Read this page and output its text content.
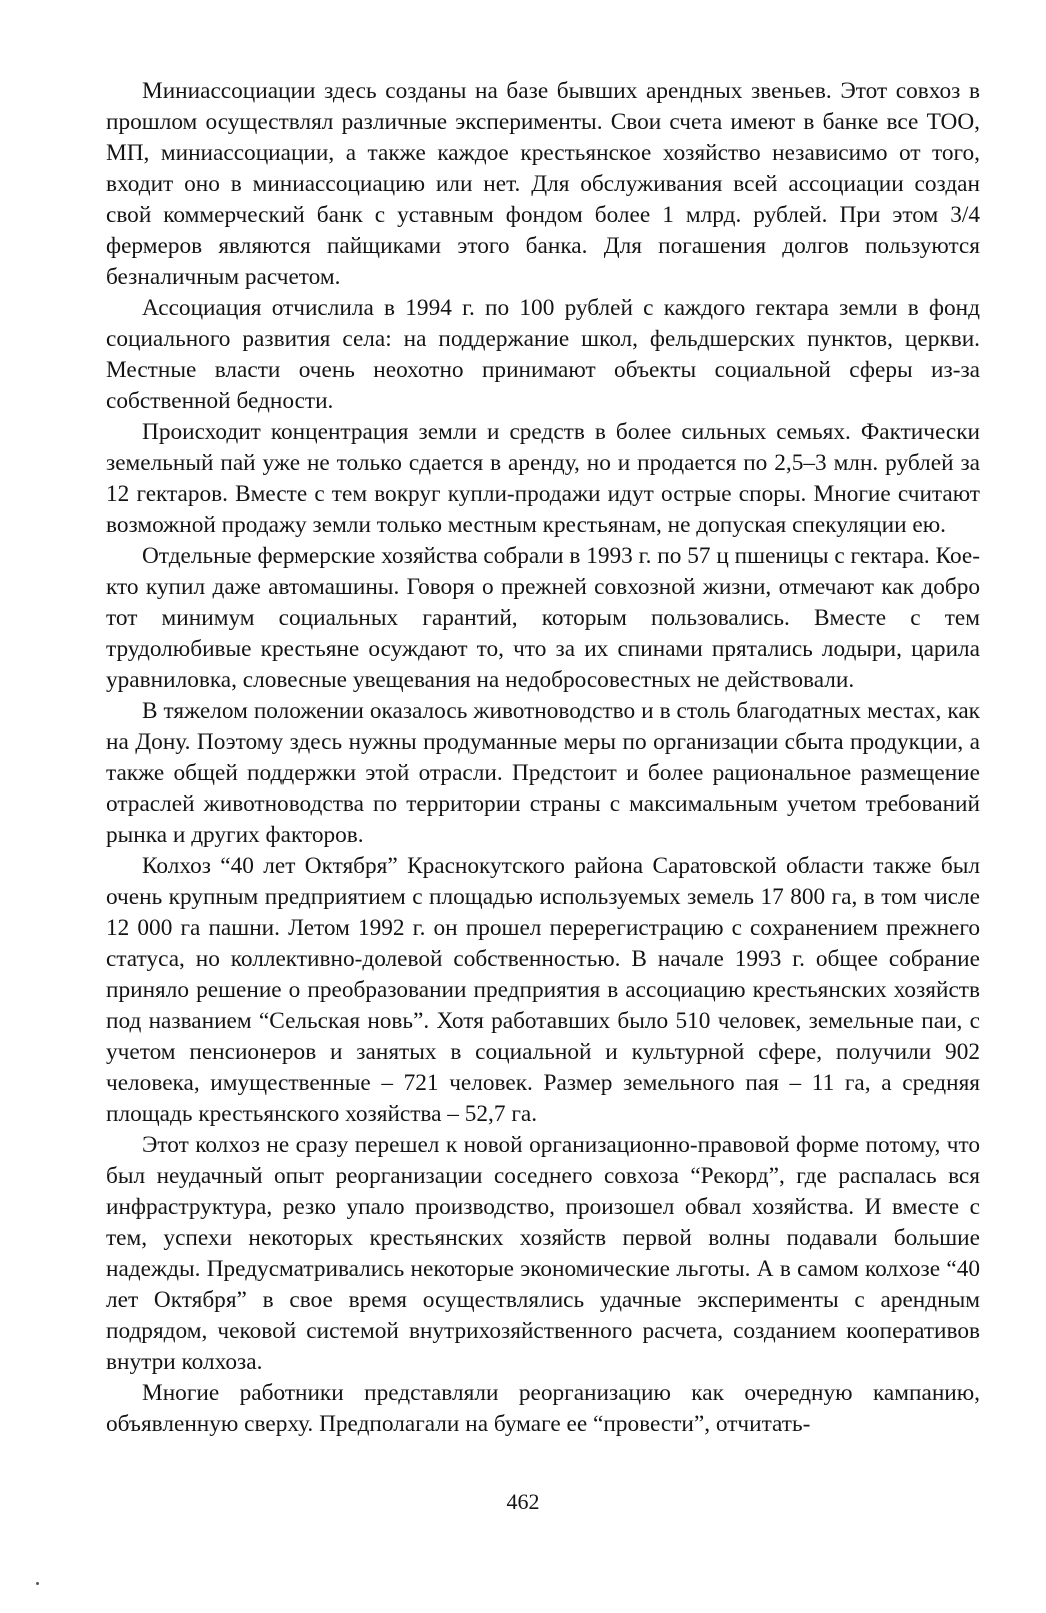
Миниассоциации здесь созданы на базе бывших арендных звеньев. Этот совхоз в прошлом осуществлял различные эксперименты. Свои счета имеют в банке все ТОО, МП, миниассоциации, а также каждое крестьянское хозяйство независимо от того, входит оно в миниассоциацию или нет. Для обслуживания всей ассоциации создан свой коммерческий банк с уставным фондом более 1 млрд. рублей. При этом 3/4 фермеров являются пайщиками этого банка. Для погашения долгов пользуются безналичным расчетом.

Ассоциация отчислила в 1994 г. по 100 рублей с каждого гектара земли в фонд социального развития села: на поддержание школ, фельдшерских пунктов, церкви. Местные власти очень неохотно принимают объекты социальной сферы из-за собственной бедности.

Происходит концентрация земли и средств в более сильных семьях. Фактически земельный пай уже не только сдается в аренду, но и продается по 2,5–3 млн. рублей за 12 гектаров. Вместе с тем вокруг купли-продажи идут острые споры. Многие считают возможной продажу земли только местным крестьянам, не допуская спекуляции ею.

Отдельные фермерские хозяйства собрали в 1993 г. по 57 ц пшеницы с гектара. Кое-кто купил даже автомашины. Говоря о прежней совхозной жизни, отмечают как добро тот минимум социальных гарантий, которым пользовались. Вместе с тем трудолюбивые крестьяне осуждают то, что за их спинами прятались лодыри, царила уравниловка, словесные увещевания на недобросовестных не действовали.

В тяжелом положении оказалось животноводство и в столь благодатных местах, как на Дону. Поэтому здесь нужны продуманные меры по организации сбыта продукции, а также общей поддержки этой отрасли. Предстоит и более рациональное размещение отраслей животноводства по территории страны с максимальным учетом требований рынка и других факторов.

Колхоз “40 лет Октября” Краснокутского района Саратовской области также был очень крупным предприятием с площадью используемых земель 17 800 га, в том числе 12 000 га пашни. Летом 1992 г. он прошел перерегистрацию с сохранением прежнего статуса, но коллективно-долевой собственностью. В начале 1993 г. общее собрание приняло решение о преобразовании предприятия в ассоциацию крестьянских хозяйств под названием “Сельская новь”. Хотя работавших было 510 человек, земельные паи, с учетом пенсионеров и занятых в социальной и культурной сфере, получили 902 человека, имущественные – 721 человек. Размер земельного пая – 11 га, а средняя площадь крестьянского хозяйства – 52,7 га.

Этот колхоз не сразу перешел к новой организационно-правовой форме потому, что был неудачный опыт реорганизации соседнего совхоза “Рекорд”, где распалась вся инфраструктура, резко упало производство, произошел обвал хозяйства. И вместе с тем, успехи некоторых крестьянских хозяйств первой волны подавали большие надежды. Предусматривались некоторые экономические льготы. А в самом колхозе “40 лет Октября” в свое время осуществлялись удачные эксперименты с арендным подрядом, чековой системой внутрихозяйственного расчета, созданием кооперативов внутри колхоза.

Многие работники представляли реорганизацию как очередную кампанию, объявленную сверху. Предполагали на бумаге ее “провести”, отчитать-

462
